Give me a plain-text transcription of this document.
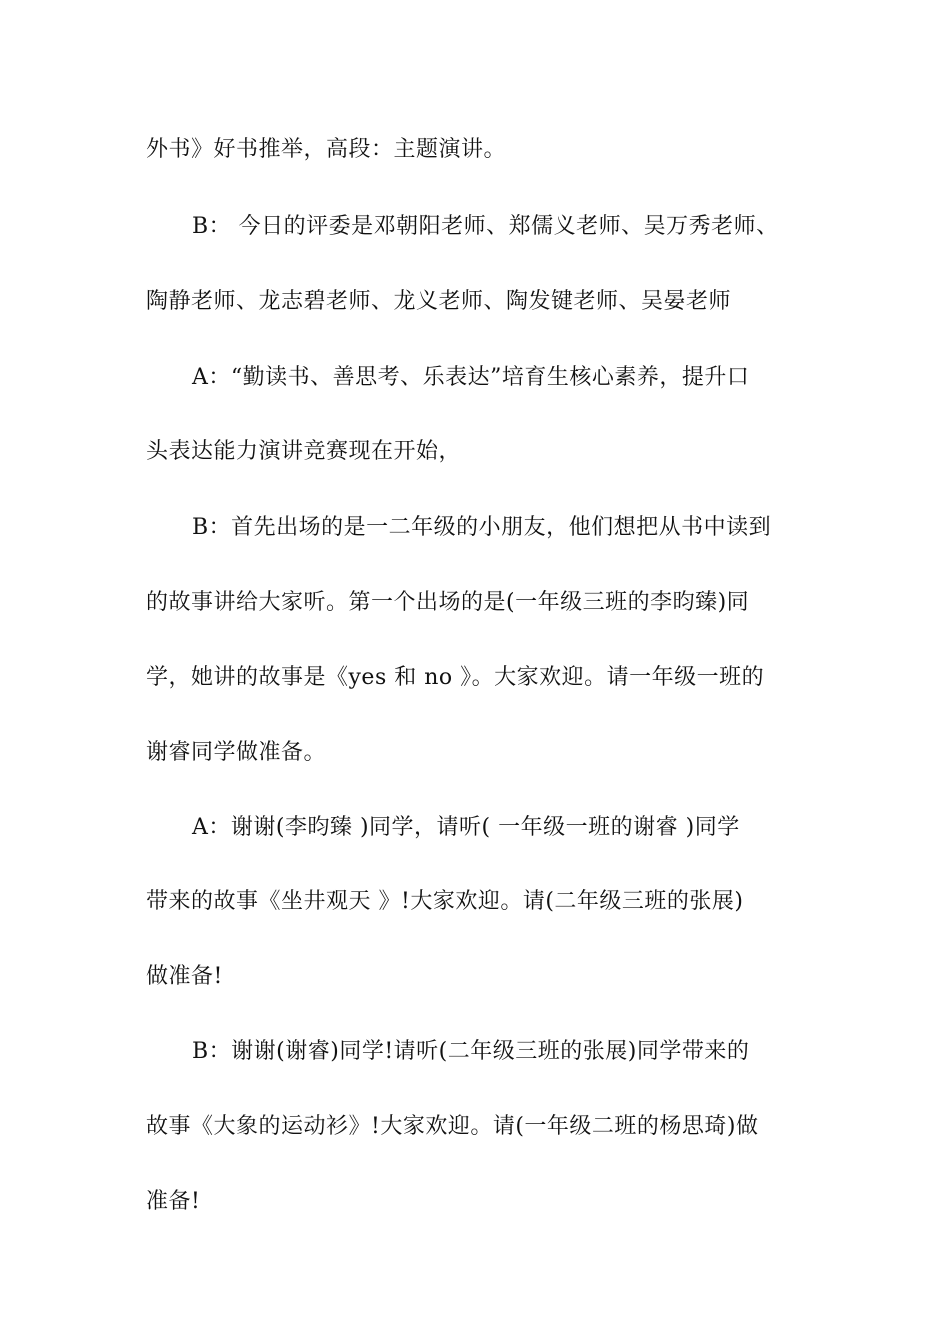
外书》好书推举，高段：主题演讲。
B： 今日的评委是邓朝阳老师、郑儒义老师、吴万秀老师、
陶静老师、龙志碧老师、龙义老师、陶发键老师、吴晏老师
A：“勤读书、善思考、乐表达”培育生核心素养，提升口
头表达能力演讲竞赛现在开始，
B：首先出场的是一二年级的小朋友，他们想把从书中读到
的故事讲给大家听。第一个出场的是(一年级三班的李昀臻)同
学，她讲的故事是《yes 和 no 》。大家欢迎。请一年级一班的
谢睿同学做准备。
A：谢谢(李昀臻 )同学，请听( 一年级一班的谢睿 )同学
带来的故事《坐井观天 》!大家欢迎。请(二年级三班的张展)
做准备!
B：谢谢(谢睿)同学!请听(二年级三班的张展)同学带来的
故事《大象的运动衫》!大家欢迎。请(一年级二班的杨思琦)做
准备!
